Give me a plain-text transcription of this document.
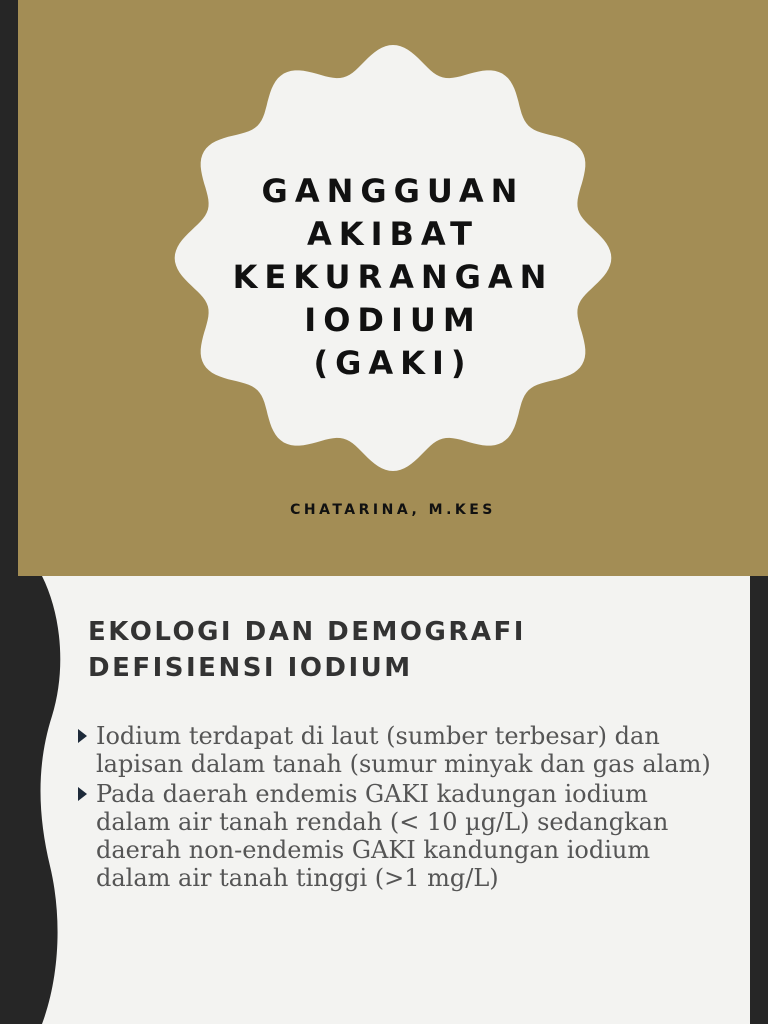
GANGGUAN
AKIBAT
KEKURANGAN
IODIUM
(GAKI)

CHATARINA, M.KES

EKOLOGI DAN DEMOGRAFI
DEFISIENSI IODIUM
Iodium terdapat di laut (sumber terbesar) dan lapisan dalam tanah (sumur minyak dan gas alam)
Pada daerah endemis GAKI kadungan iodium dalam air tanah rendah (< 10 µg/L) sedangkan daerah non-endemis GAKI kandungan iodium dalam air tanah tinggi (>1 mg/L)
